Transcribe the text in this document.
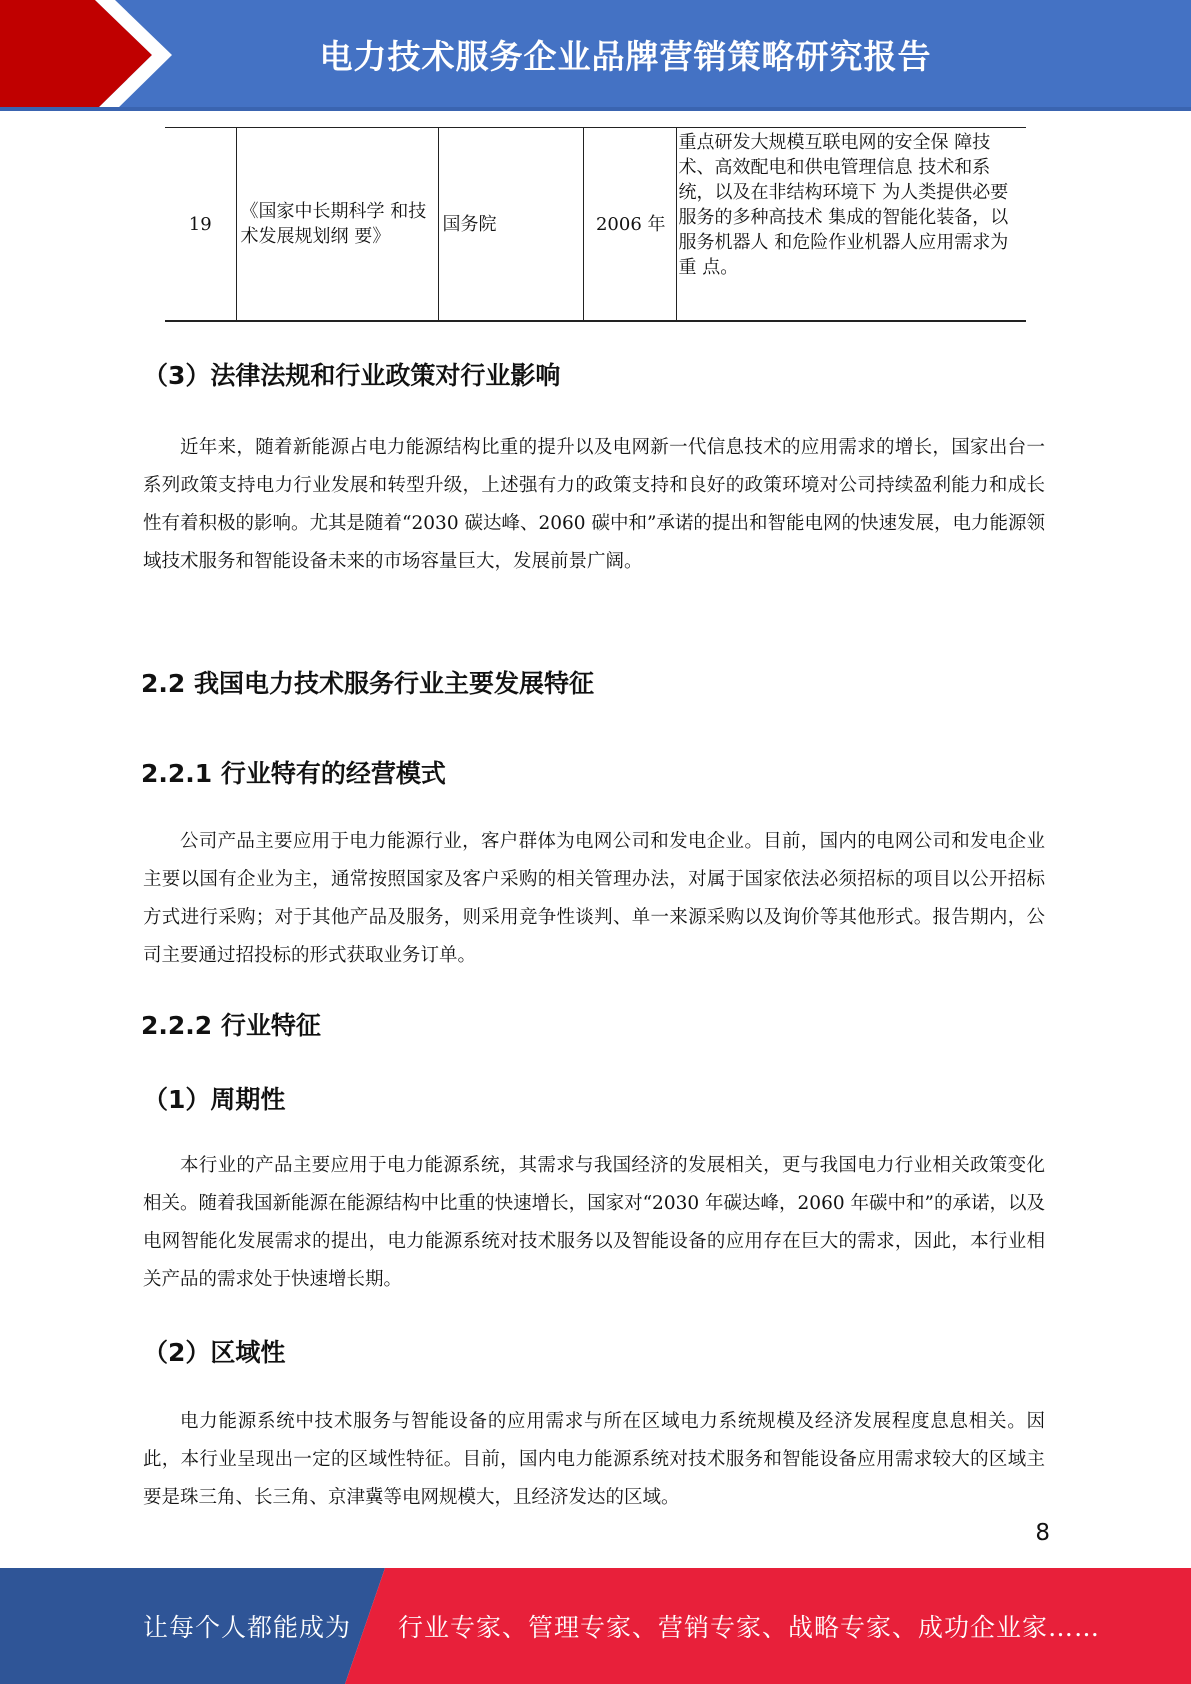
电力技术服务企业品牌营销策略研究报告
19	《国家中长期科学 和技术发展规划纲 要》	国务院	2006 年	重点研发大规模互联电网的安全保 障技术、高效配电和供电管理信息 技术和系统，以及在非结构环境下 为人类提供必要服务的多种高技术 集成的智能化装备，以服务机器人 和危险作业机器人应用需求为重 点。
（3）法律法规和行业政策对行业影响

近年来，随着新能源占电力能源结构比重的提升以及电网新一代信息技术的应用需求的增长，国家出台一系列政策支持电力行业发展和转型升级，上述强有力的政策支持和良好的政策环境对公司持续盈利能力和成长性有着积极的影响。尤其是随着“2030 碳达峰、2060 碳中和”承诺的提出和智能电网的快速发展，电力能源领域技术服务和智能设备未来的市场容量巨大，发展前景广阔。

2.2 我国电力技术服务行业主要发展特征
2.2.1 行业特有的经营模式

公司产品主要应用于电力能源行业，客户群体为电网公司和发电企业。目前，国内的电网公司和发电企业主要以国有企业为主，通常按照国家及客户采购的相关管理办法，对属于国家依法必须招标的项目以公开招标方式进行采购；对于其他产品及服务，则采用竞争性谈判、单一来源采购以及询价等其他形式。报告期内，公司主要通过招投标的形式获取业务订单。

2.2.2 行业特征
（1）周期性

本行业的产品主要应用于电力能源系统，其需求与我国经济的发展相关，更与我国电力行业相关政策变化相关。随着我国新能源在能源结构中比重的快速增长，国家对“2030 年碳达峰，2060 年碳中和”的承诺，以及电网智能化发展需求的提出，电力能源系统对技术服务以及智能设备的应用存在巨大的需求，因此，本行业相关产品的需求处于快速增长期。

（2）区域性

电力能源系统中技术服务与智能设备的应用需求与所在区域电力系统规模及经济发展程度息息相关。因此，本行业呈现出一定的区域性特征。目前，国内电力能源系统对技术服务和智能设备应用需求较大的区域主要是珠三角、长三角、京津冀等电网规模大，且经济发达的区域。

8
让每个人都能成为 行业专家、管理专家、营销专家、战略专家、成功企业家……
